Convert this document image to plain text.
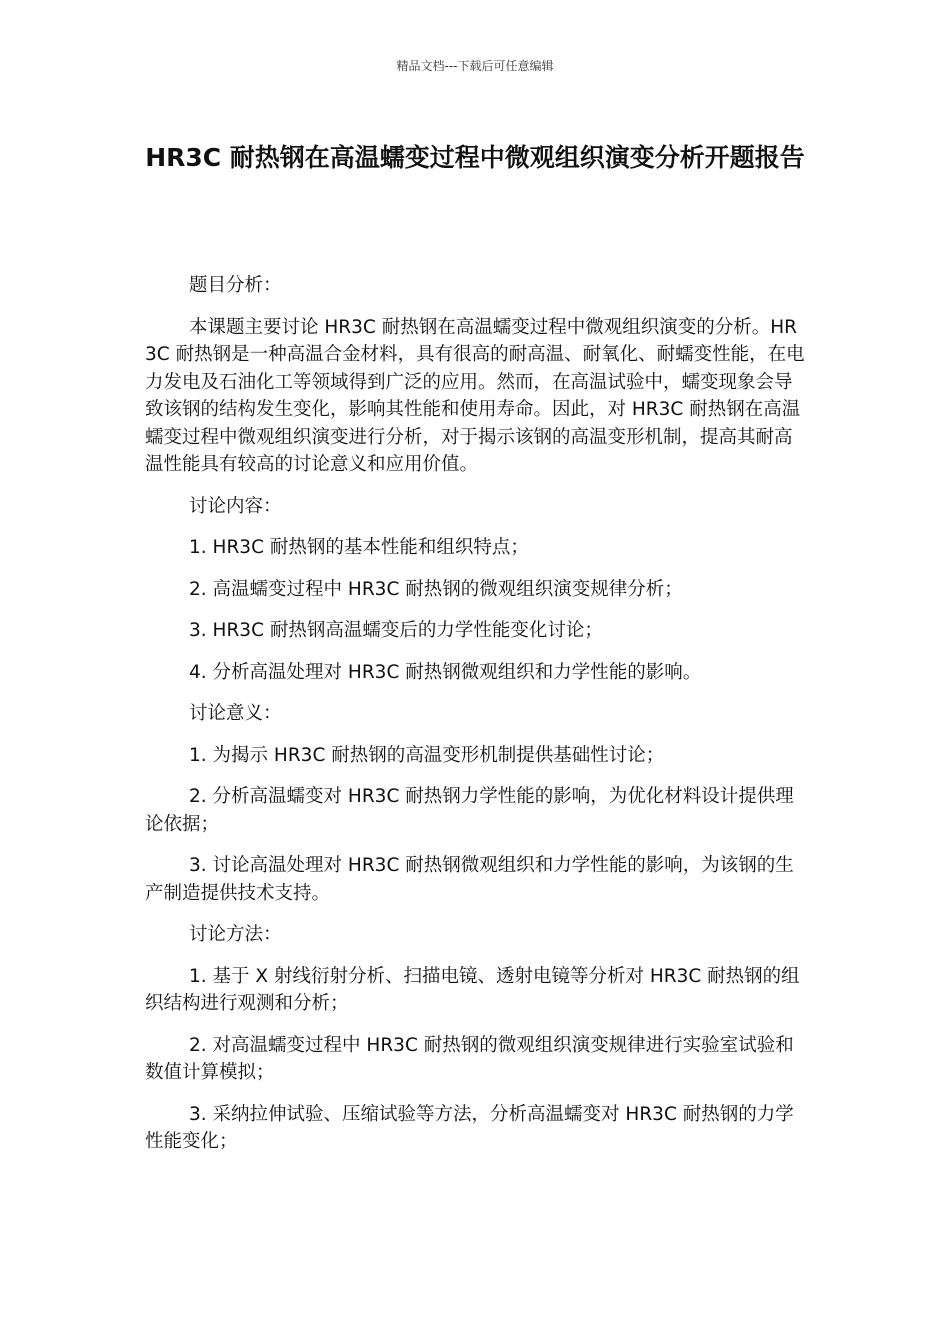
精品文档---下载后可任意编辑
HR3C 耐热钢在高温蠕变过程中微观组织演变分析开题报告

题目分析：

本课题主要讨论 HR3C 耐热钢在高温蠕变过程中微观组织演变的分析。HR3C 耐热钢是一种高温合金材料，具有很高的耐高温、耐氧化、耐蠕变性能，在电力发电及石油化工等领域得到广泛的应用。然而，在高温试验中，蠕变现象会导致该钢的结构发生变化，影响其性能和使用寿命。因此，对 HR3C 耐热钢在高温蠕变过程中微观组织演变进行分析，对于揭示该钢的高温变形机制，提高其耐高温性能具有较高的讨论意义和应用价值。

讨论内容：

1. HR3C 耐热钢的基本性能和组织特点；

2. 高温蠕变过程中 HR3C 耐热钢的微观组织演变规律分析；

3. HR3C 耐热钢高温蠕变后的力学性能变化讨论；

4. 分析高温处理对 HR3C 耐热钢微观组织和力学性能的影响。

讨论意义：

1. 为揭示 HR3C 耐热钢的高温变形机制提供基础性讨论；

2. 分析高温蠕变对 HR3C 耐热钢力学性能的影响，为优化材料设计提供理论依据；

3. 讨论高温处理对 HR3C 耐热钢微观组织和力学性能的影响，为该钢的生产制造提供技术支持。

讨论方法：

1. 基于 X 射线衍射分析、扫描电镜、透射电镜等分析对 HR3C 耐热钢的组织结构进行观测和分析；

2. 对高温蠕变过程中 HR3C 耐热钢的微观组织演变规律进行实验室试验和数值计算模拟；

3. 采纳拉伸试验、压缩试验等方法，分析高温蠕变对 HR3C 耐热钢的力学性能变化；
